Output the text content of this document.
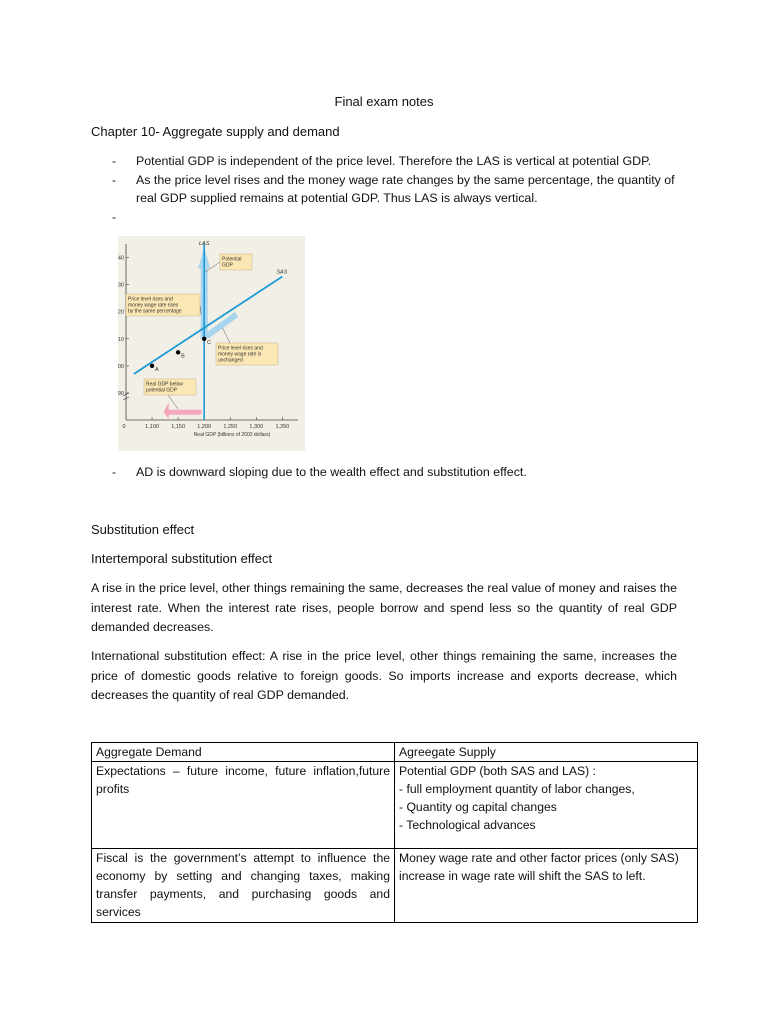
Final exam notes
Chapter 10- Aggregate supply and demand
- Potential GDP is independent of the price level. Therefore the LAS is vertical at potential GDP.
- As the price level rises and the money wage rate changes by the same percentage, the quantity of real GDP supplied remains at potential GDP. Thus LAS is always vertical.
-

90
00
10
20
30
40
0	1,100 1,150 1,200 1,250 1,300 1,350
Real GDP (billions of 2002 dollars)
LAS
SAS
A
B
C
Potential
GDP
Price level rises and
money wage rate rises
by the same percentage
Price level rises and
money wage rate is
unchanged
Real GDP below
potential GDP
- AD is downward sloping due to the wealth effect and substitution effect.
Substitution effect
Intertemporal substitution effect
A rise in the price level, other things remaining the same, decreases the real value of money and raises the interest rate. When the interest rate rises, people borrow and spend less so the quantity of real GDP demanded decreases.
International substitution effect: A rise in the price level, other things remaining the same, increases the price of domestic goods relative to foreign goods. So imports increase and exports decrease, which decreases the quantity of real GDP demanded.
Aggregate Demand	Agreegate Supply
Expectations – future income, future inflation,future profits	Potential GDP (both SAS and LAS) :
- full employment quantity of labor changes,
- Quantity og capital changes
- Technological advances

Fiscal is the government’s attempt to influence the economy by setting and changing taxes, making transfer payments, and purchasing goods and services	Money wage rate and other factor prices (only SAS) increase in wage rate will shift the SAS to left.
